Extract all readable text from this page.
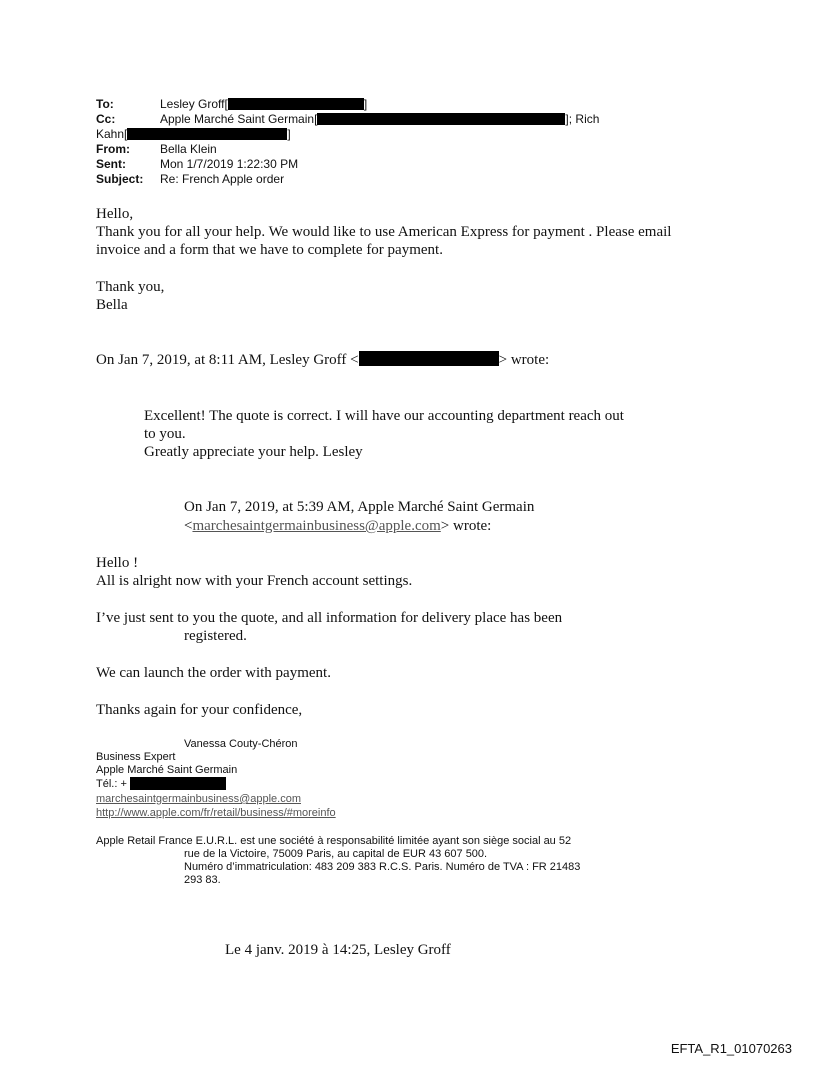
To:	Lesley Groff[	]
Cc:	Apple Marché Saint Germain[	]; Rich
Kahn[	]
From:	Bella Klein
Sent:	Mon 1/7/2019 1:22:30 PM
Subject: Re: French Apple order
Hello,
Thank you for all your help. We would like to use American Express for payment . Please email
invoice and a form that we have to complete for payment.
Thank you,
Bella
On Jan 7, 2019, at 8:11 AM, Lesley Groff <	> wrote:
Excellent! The quote is correct. I will have our accounting department reach out
to you.
Greatly appreciate your help. Lesley
On Jan 7, 2019, at 5:39 AM, Apple Marché Saint Germain
<marchesaintgermainbusiness@apple.com> wrote:
Hello !
All is alright now with your French account settings.
I’ve just sent to you the quote, and all information for delivery place has been
registered.
We can launch the order with payment.
Thanks again for your confidence,
Vanessa Couty-Chéron
Business Expert
Apple Marché Saint Germain
Tél.: +
marchesaintgermainbusiness@apple.com
http://www.apple.com/fr/retail/business/#moreinfo
Apple Retail France E.U.R.L. est une société à responsabilité limitée ayant son siège social au 52
rue de la Victoire, 75009 Paris, au capital de EUR 43 607 500.
Numéro d’immatriculation: 483 209 383 R.C.S. Paris. Numéro de TVA : FR 21483
293 83.
Le 4 janv. 2019 à 14:25, Lesley Groff
EFTA_R1_01070263
